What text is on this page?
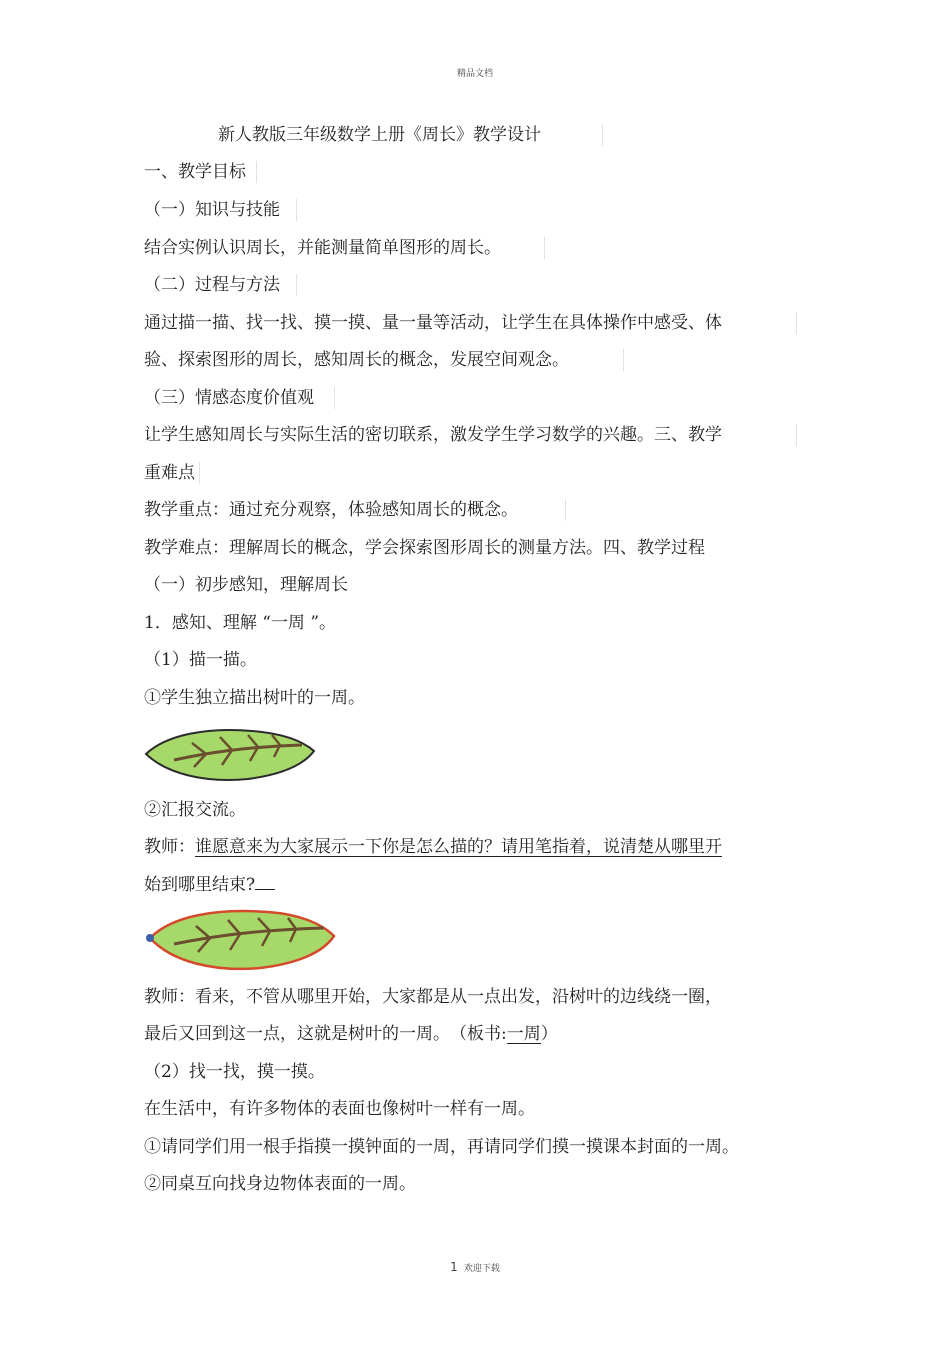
精品文档
新人教版三年级数学上册《周长》教学设计
一、教学目标
（一）知识与技能
结合实例认识周长，并能测量简单图形的周长。
（二）过程与方法
通过描一描、找一找、摸一摸、量一量等活动，让学生在具体操作中感受、体
验、探索图形的周长，感知周长的概念，发展空间观念。
（三）情感态度价值观
让学生感知周长与实际生活的密切联系，激发学生学习数学的兴趣。三、教学
重难点
教学重点：通过充分观察，体验感知周长的概念。
教学难点：理解周长的概念，学会探索图形周长的测量方法。四、教学过程
（一）初步感知，理解周长
1．感知、理解 “一周 ”。
（1）描一描。
①学生独立描出树叶的一周。
②汇报交流。
教师：谁愿意来为大家展示一下你是怎么描的？请用笔指着，说清楚从哪里开
始到哪里结束?
教师：看来，不管从哪里开始，大家都是从一点出发，沿树叶的边线绕一圈，
最后又回到这一点，这就是树叶的一周。　（板书:一周）
（2）找一找，摸一摸。
在生活中，有许多物体的表面也像树叶一样有一周。
①请同学们用一根手指摸一摸钟面的一周，再请同学们摸一摸课本封面的一周。
②同桌互向找身边物体表面的一周。
1 欢迎下载
